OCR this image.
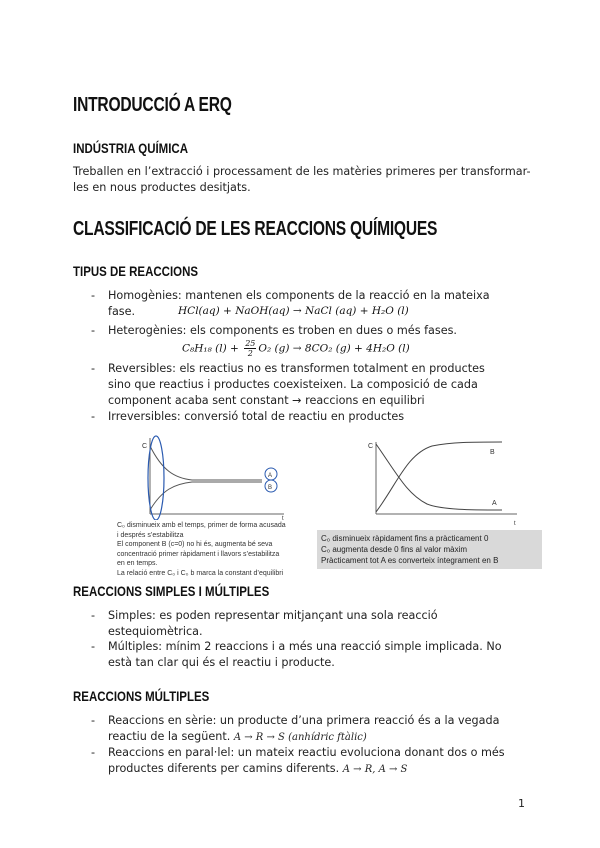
INTRODUCCIÓ A ERQ
INDÚSTRIA QUÍMICA
Treballen en l’extracció i processament de les matèries primeres per transformar-les en nous productes desitjats.
CLASSIFICACIÓ DE LES REACCIONS QUÍMIQUES
TIPUS DE REACCIONS
- Homogènies: mantenen els components de la reacció en la mateixa fase.	HCl(aq) + NaOH(aq) → NaCl (aq) + H₂O (l)
- Heterogènies: els components es troben en dues o més fases.
C₈H₁₈ $(l) + \frac{25}{2} O_2$ (g) → 8CO₂ (g) + 4H₂O (l)
- Reversibles: els reactius no es transformen totalment en productes sino que reactius i productes coexisteixen. La composició de cada component acaba sent constant → reaccions en equilibri
- Irreversibles: conversió total de reactiu en productes
C
t
A
B
C₀ disminueix amb el temps, primer de forma acusada i després s’estabilitza
El component B (c=0) no hi és, augmenta bé seva concentració primer ràpidament i llavors s’estabilitza en en temps.
La relació entre C₀ i C₀ b marca la constant d’equilibri
C
t
A
B
C₀ disminueix ràpidament fins a pràcticament 0
C₀ augmenta desde 0 fins al valor màxim
Pràcticament tot A es converteix íntegrament en B
REACCIONS SIMPLES I MÚLTIPLES
- Simples: es poden representar mitjançant una sola reacció estequiomètrica.
- Múltiples: mínim 2 reaccions i a més una reacció simple implicada. No està tan clar qui és el reactiu i producte.
REACCIONS MÚLTIPLES
- Reaccions en sèrie: un producte d’una primera reacció és a la vegada reactiu de la següent. A → R → S (anhídric ftàlic)
- Reaccions en paral·lel: un mateix reactiu evoluciona donant dos o més productes diferents per camins diferents. A → R, A → S
1
